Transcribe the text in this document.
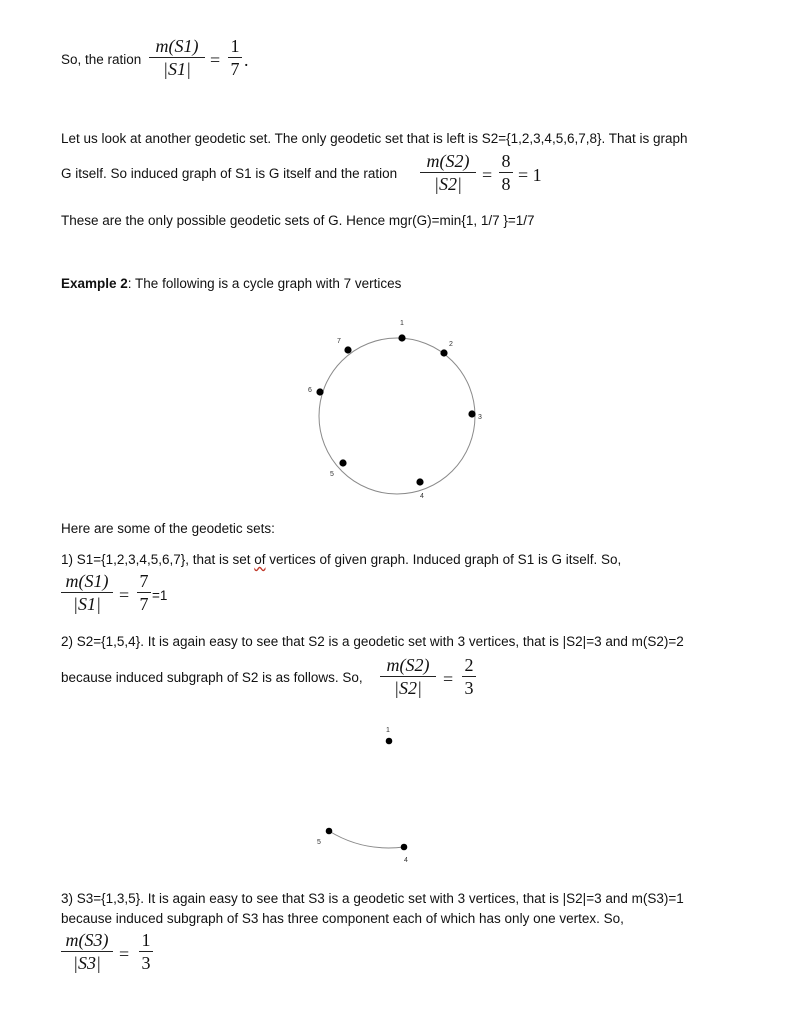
So, the ration
m(S1)
|S1|	=
1
7 .
Let us look at another geodetic set. The only geodetic set that is left is S2={1,2,3,4,5,6,7,8}. That is graph
G itself. So induced graph of S1 is G itself and the ration
m(S2)
|S2|	=
8
8 = 1
These are the only possible geodetic sets of G. Hence mgr(G)=min{1, 1/7 }=1/7
Example 2: The following is a cycle graph with 7 vertices
1
2
3
4
5
6
7
Here are some of the geodetic sets:
1) S1={1,2,3,4,5,6,7}, that is set of vertices of given graph. Induced graph of S1 is G itself. So,
m(S1)
|S1|	=
7
7 =1
2) S2={1,5,4}. It is again easy to see that S2 is a geodetic set with 3 vertices, that is |S2|=3 and m(S2)=2
because induced subgraph of S2 is as follows. So,
m(S2)
|S2|	=
2
3
1
5
4
3) S3={1,3,5}. It is again easy to see that S3 is a geodetic set with 3 vertices, that is |S2|=3 and m(S3)=1
because induced subgraph of S3 has three component each of which has only one vertex. So,
m(S3)
|S3|	=
1
3
